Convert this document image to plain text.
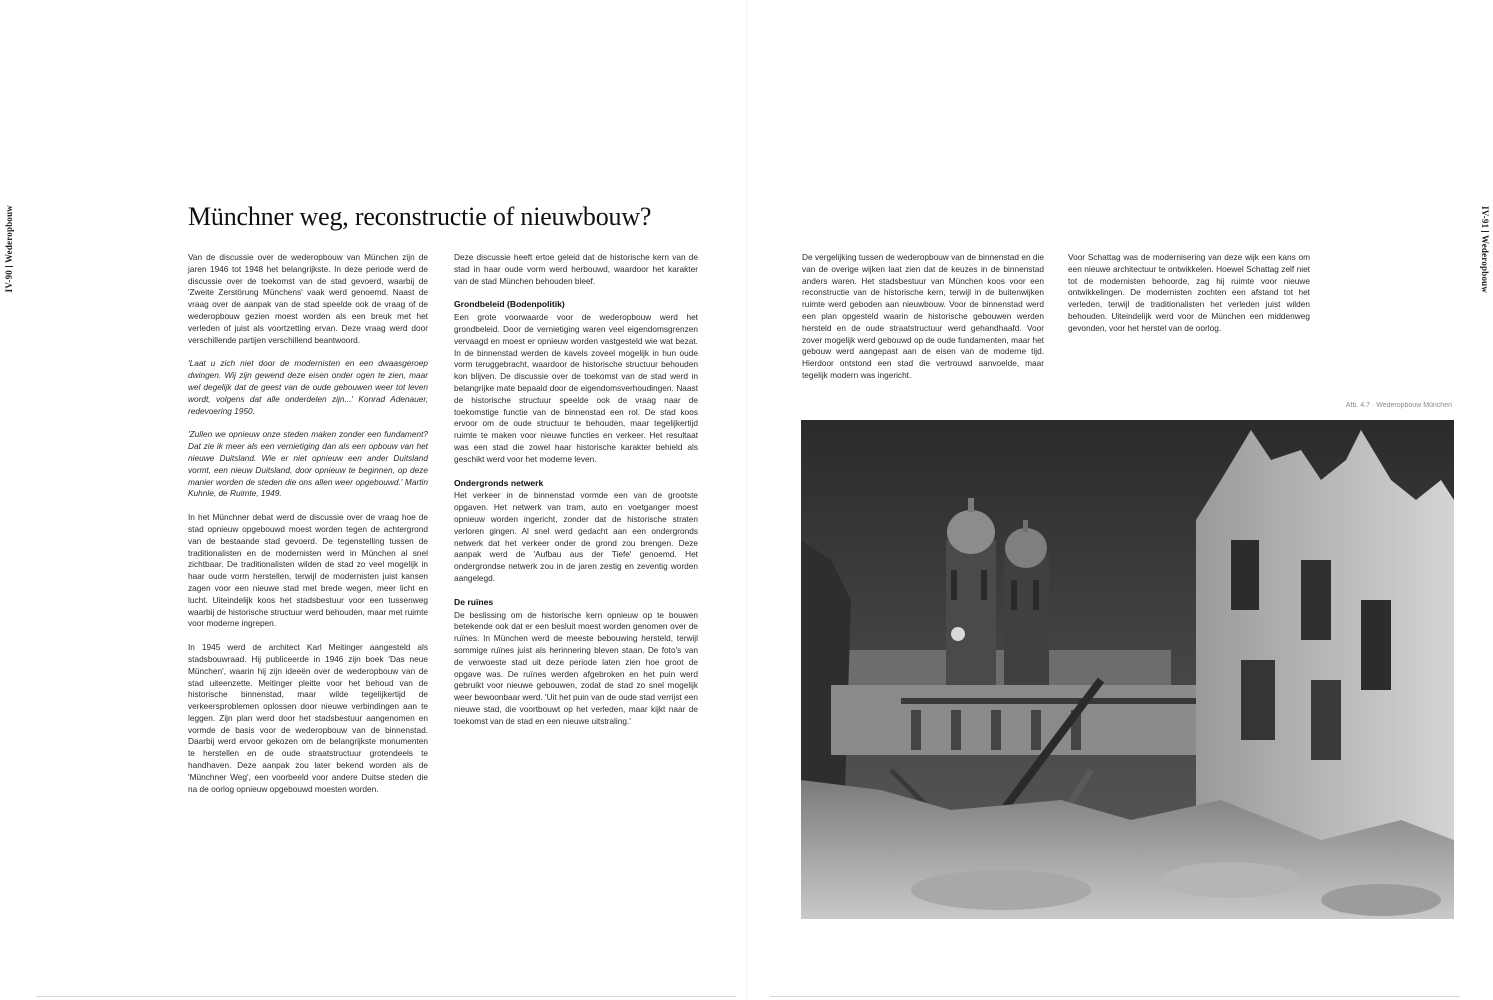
Wederopbouw
IV-90
IV-91
Wederopbouw
Münchner weg, reconstructie of nieuwbouw?

Van de discussie over de wederopbouw van München zijn de jaren 1946 tot 1948 het belangrijkste. In deze periode werd de discussie over de toekomst van de stad gevoerd, waarbij de 'Zweite Zerstörung Münchens' vaak werd genoemd. Naast de vraag over de aanpak van de stad speelde ook de vraag of de wederopbouw gezien moest worden als een breuk met het verleden of juist als voortzetting ervan. Deze vraag werd door verschillende partijen verschillend beantwoord.

'Laat u zich niet door de modernisten en een dwaasgeroep dwingen. Wij zijn gewend deze eisen onder ogen te zien, maar wel degelijk dat de geest van de oude gebouwen weer tot leven wordt, volgens dat alle onderdelen zijn...' Konrad Adenauer, redevoering 1950.

'Zullen we opnieuw onze steden maken zonder een fundament? Dat zie ik meer als een vernietiging dan als een opbouw van het nieuwe Duitsland. Wie er niet opnieuw een ander Duitsland vormt, een nieuw Duitsland, door opnieuw te beginnen, op deze manier worden de steden die ons allen weer opgebouwd.' Martin Kuhnle, de Ruimte, 1949.

In het Münchner debat werd de discussie over de vraag hoe de stad opnieuw opgebouwd moest worden tegen de achtergrond van de bestaande stad gevoerd. De tegenstelling tussen de traditionalisten en de modernisten werd in München al snel zichtbaar. De traditionalisten wilden de stad zo veel mogelijk in haar oude vorm herstellen, terwijl de modernisten juist kansen zagen voor een nieuwe stad met brede wegen, meer licht en lucht. Uiteindelijk koos het stadsbestuur voor een tussenweg waarbij de historische structuur werd behouden, maar met ruimte voor moderne ingrepen.

In 1945 werd de architect Karl Meitinger aangesteld als stadsbouwraad. Hij publiceerde in 1946 zijn boek 'Das neue München', waarin hij zijn ideeën over de wederopbouw van de stad uiteenzette. Meitinger pleitte voor het behoud van de historische binnenstad, maar wilde tegelijkertijd de verkeersproblemen oplossen door nieuwe verbindingen aan te leggen. Zijn plan werd door het stadsbestuur aangenomen en vormde de basis voor de wederopbouw van de binnenstad. Daarbij werd ervoor gekozen om de belangrijkste monumenten te herstellen en de oude straatstructuur grotendeels te handhaven. Deze aanpak zou later bekend worden als de 'Münchner Weg', een voorbeeld voor andere Duitse steden die na de oorlog opnieuw opgebouwd moesten worden.

Deze discussie heeft ertoe geleid dat de historische kern van de stad in haar oude vorm werd herbouwd, waardoor het karakter van de stad München behouden bleef.

Grondbeleid (Bodenpolitik)

Een grote voorwaarde voor de wederopbouw werd het grondbeleid. Door de vernietiging waren veel eigendomsgrenzen vervaagd en moest er opnieuw worden vastgesteld wie wat bezat. In de binnenstad werden de kavels zoveel mogelijk in hun oude vorm teruggebracht, waardoor de historische structuur behouden kon blijven. De discussie over de toekomst van de stad werd in belangrijke mate bepaald door de eigendomsverhoudingen. Naast de historische structuur speelde ook de vraag naar de toekomstige functie van de binnenstad een rol. De stad koos ervoor om de oude structuur te behouden, maar tegelijkertijd ruimte te maken voor nieuwe functies en verkeer. Het resultaat was een stad die zowel haar historische karakter behield als geschikt werd voor het moderne leven.

Ondergronds netwerk

Het verkeer in de binnenstad vormde een van de grootste opgaven. Het netwerk van tram, auto en voetganger moest opnieuw worden ingericht, zonder dat de historische straten verloren gingen. Al snel werd gedacht aan een ondergronds netwerk dat het verkeer onder de grond zou brengen. Deze aanpak werd de 'Aufbau aus der Tiefe' genoemd. Het ondergrondse netwerk zou in de jaren zestig en zeventig worden aangelegd.

De ruïnes

De beslissing om de historische kern opnieuw op te bouwen betekende ook dat er een besluit moest worden genomen over de ruïnes. In München werd de meeste bebouwing hersteld, terwijl sommige ruïnes juist als herinnering bleven staan. De foto's van de verwoeste stad uit deze periode laten zien hoe groot de opgave was. De ruïnes werden afgebroken en het puin werd gebruikt voor nieuwe gebouwen, zodat de stad zo snel mogelijk weer bewoonbaar werd. 'Uit het puin van de oude stad verrijst een nieuwe stad, die voortbouwt op het verleden, maar kijkt naar de toekomst van de stad en een nieuwe uitstraling.'

De vergelijking tussen de wederopbouw van de binnenstad en die van de overige wijken laat zien dat de keuzes in de binnenstad anders waren. Het stadsbestuur van München koos voor een reconstructie van de historische kern, terwijl in de buitenwijken ruimte werd geboden aan nieuwbouw. Voor de binnenstad werd een plan opgesteld waarin de historische gebouwen werden hersteld en de oude straatstructuur werd gehandhaafd. Voor zover mogelijk werd gebouwd op de oude fundamenten, maar het gebouw werd aangepast aan de eisen van de moderne tijd. Hierdoor ontstond een stad die vertrouwd aanvoelde, maar tegelijk modern was ingericht.

Voor Schattag was de modernisering van deze wijk een kans om een nieuwe architectuur te ontwikkelen. Hoewel Schattag zelf niet tot de modernisten behoorde, zag hij ruimte voor nieuwe ontwikkelingen. De modernisten zochten een afstand tot het verleden, terwijl de traditionalisten het verleden juist wilden behouden. Uiteindelijk werd voor de München een middenweg gevonden, voor het herstel van de oorlog.

Afb. 4.7 · Wederopbouw München
